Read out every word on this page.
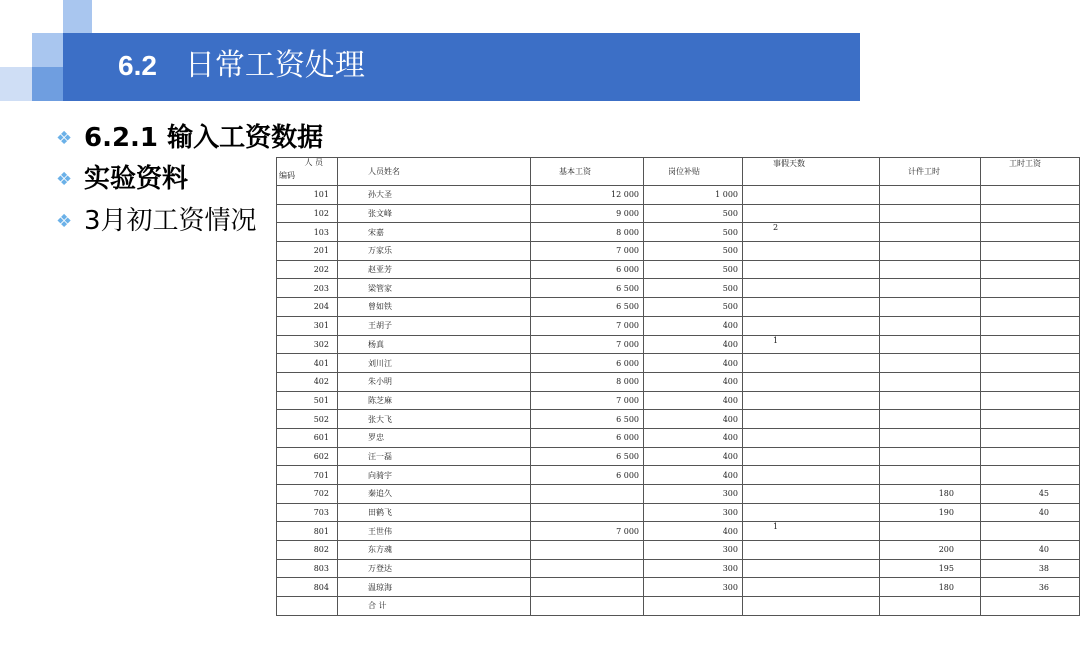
6.2 日常工资处理
❖ 6.2.1 输入工资数据
❖ 实验资料
❖ 3月初工资情况
人 员
编码	人员姓名	基本工资	岗位补贴	事假天数	计件工时	工时工资
101	孙大圣	12 000	1 000			
102	张文峰	9 000	500			
103	宋嘉	8 000	500	2		
201	万家乐	7 000	500			
202	赵亚芳	6 000	500			
203	梁管家	6 500	500			
204	曾如铁	6 500	500			
301	王胡子	7 000	400			
302	杨真	7 000	400	1		
401	刘川江	6 000	400			
402	朱小明	8 000	400			
501	陈芝麻	7 000	400			
502	张大飞	6 500	400			
601	罗忠	6 000	400			
602	汪一磊	6 500	400			
701	向骑宇	6 000	400			
702	秦追久		300		180	45
703	田鹤飞		300		190	40
801	王世伟	7 000	400	1		
802	东方魂		300		200	40
803	万登达		300		195	38
804	温琼海		300		180	36
	合 计					
